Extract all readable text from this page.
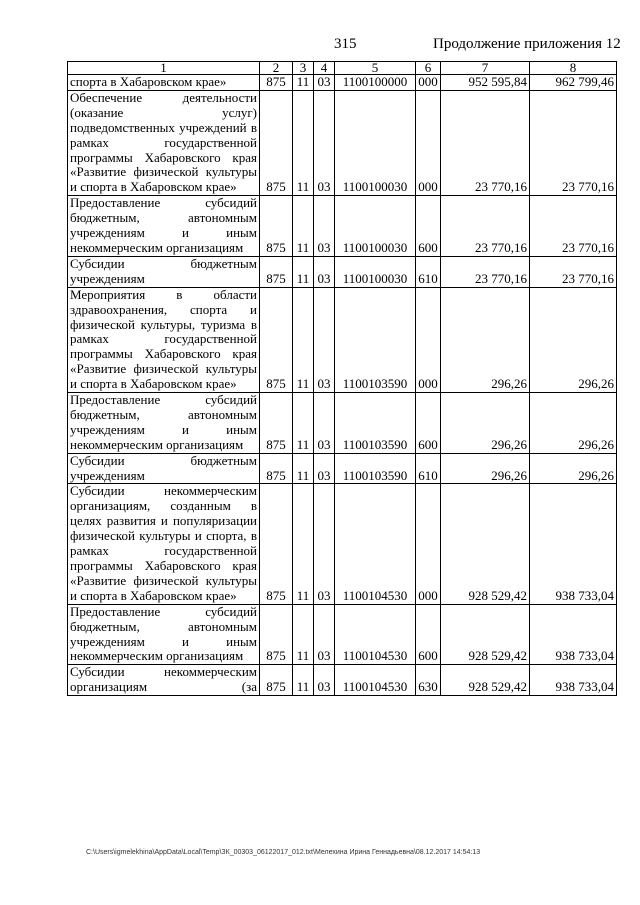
315	Продолжение приложения 12
1	2	3	4	5	6	7	8
спорта в Хабаровском крае»	875	11	03	1100100000	000	952 595,84	962 799,46
Обеспечение деятельности (оказание услуг) подведомственных учреждений в рамках государственной программы Хабаровского края «Развитие физической культуры и спорта в Хабаровском крае»	875	11	03	1100100030	000	23 770,16	23 770,16
Предоставление субсидий бюджетным, автономным учреждениям и иным некоммерческим организациям	875	11	03	1100100030	600	23 770,16	23 770,16
Субсидии бюджетным учреждениям	875	11	03	1100100030	610	23 770,16	23 770,16
Мероприятия в области здравоохранения, спорта и физической культуры, туризма в рамках государственной программы Хабаровского края «Развитие физической культуры и спорта в Хабаровском крае»	875	11	03	1100103590	000	296,26	296,26
Предоставление субсидий бюджетным, автономным учреждениям и иным некоммерческим организациям	875	11	03	1100103590	600	296,26	296,26
Субсидии бюджетным учреждениям	875	11	03	1100103590	610	296,26	296,26
Субсидии некоммерческим организациям, созданным в целях развития и популяризации физической культуры и спорта, в рамках государственной программы Хабаровского края «Развитие физической культуры и спорта в Хабаровском крае»	875	11	03	1100104530	000	928 529,42	938 733,04
Предоставление субсидий бюджетным, автономным учреждениям и иным некоммерческим организациям	875	11	03	1100104530	600	928 529,42	938 733,04
Субсидии некоммерческим организациям (за	875	11	03	1100104530	630	928 529,42	938 733,04
C:\Users\igmelekhina\AppData\Local\Temp\ЗК_00303_06122017_012.txt\Мелехина Ирина Геннадьевна\08.12.2017 14:54:13
